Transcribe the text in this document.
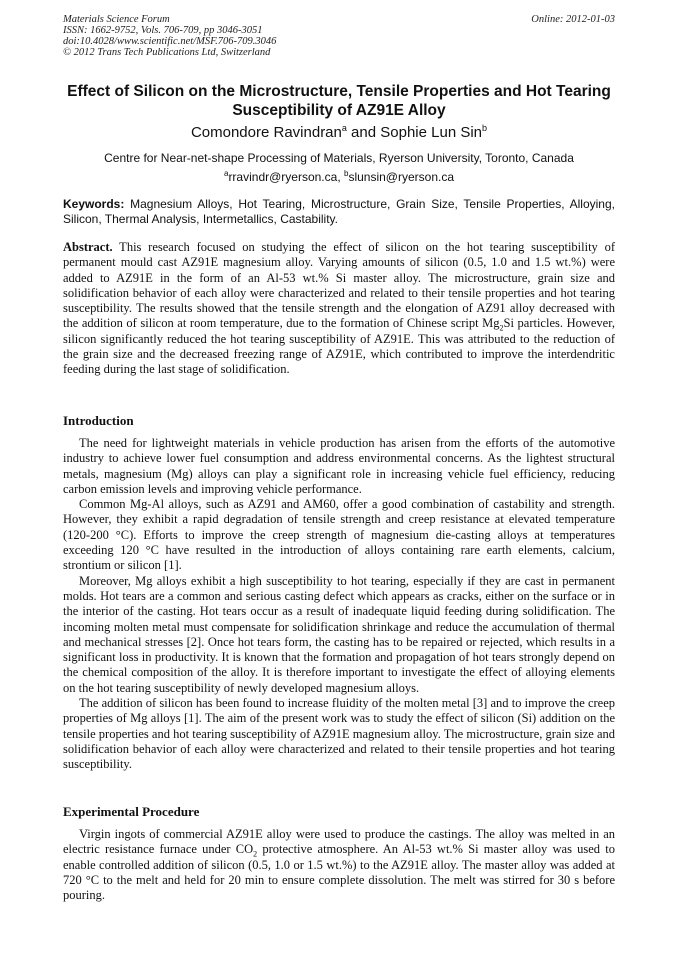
Materials Science Forum
ISSN: 1662-9752, Vols. 706-709, pp 3046-3051
doi:10.4028/www.scientific.net/MSF.706-709.3046
© 2012 Trans Tech Publications Ltd, Switzerland
Online: 2012-01-03
Effect of Silicon on the Microstructure, Tensile Properties and Hot Tearing Susceptibility of AZ91E Alloy
Comondore Ravindran$^a$ and Sophie Lun Sin$^b$
Centre for Near-net-shape Processing of Materials, Ryerson University, Toronto, Canada
$^a$rravindr@ryerson.ca, $^b$slunsin@ryerson.ca
Keywords: Magnesium Alloys, Hot Tearing, Microstructure, Grain Size, Tensile Properties, Alloying, Silicon, Thermal Analysis, Intermetallics, Castability.

Abstract. This research focused on studying the effect of silicon on the hot tearing susceptibility of permanent mould cast AZ91E magnesium alloy. Varying amounts of silicon (0.5, 1.0 and 1.5 wt.%) were added to AZ91E in the form of an Al-53 wt.% Si master alloy. The microstructure, grain size and solidification behavior of each alloy were characterized and related to their tensile properties and hot tearing susceptibility. The results showed that the tensile strength and the elongation of AZ91 alloy decreased with the addition of silicon at room temperature, due to the formation of Chinese script $Mg_2Si$ particles. However, silicon significantly reduced the hot tearing susceptibility of AZ91E. This was attributed to the reduction of the grain size and the decreased freezing range of AZ91E, which contributed to improve the interdendritic feeding during the last stage of solidification.

Introduction

The need for lightweight materials in vehicle production has arisen from the efforts of the automotive industry to achieve lower fuel consumption and address environmental concerns. As the lightest structural metals, magnesium (Mg) alloys can play a significant role in increasing vehicle fuel efficiency, reducing carbon emission levels and improving vehicle performance.

Common Mg-Al alloys, such as AZ91 and AM60, offer a good combination of castability and strength. However, they exhibit a rapid degradation of tensile strength and creep resistance at elevated temperature (120-200 °C). Efforts to improve the creep strength of magnesium die-casting alloys at temperatures exceeding 120 °C have resulted in the introduction of alloys containing rare earth elements, calcium, strontium or silicon [1].

Moreover, Mg alloys exhibit a high susceptibility to hot tearing, especially if they are cast in permanent molds. Hot tears are a common and serious casting defect which appears as cracks, either on the surface or in the interior of the casting. Hot tears occur as a result of inadequate liquid feeding during solidification. The incoming molten metal must compensate for solidification shrinkage and reduce the accumulation of thermal and mechanical stresses [2]. Once hot tears form, the casting has to be repaired or rejected, which results in a significant loss in productivity. It is known that the formation and propagation of hot tears strongly depend on the chemical composition of the alloy. It is therefore important to investigate the effect of alloying elements on the hot tearing susceptibility of newly developed magnesium alloys.

The addition of silicon has been found to increase fluidity of the molten metal [3] and to improve the creep properties of Mg alloys [1]. The aim of the present work was to study the effect of silicon (Si) addition on the tensile properties and hot tearing susceptibility of AZ91E magnesium alloy. The microstructure, grain size and solidification behavior of each alloy were characterized and related to their tensile properties and hot tearing susceptibility.

Experimental Procedure

Virgin ingots of commercial AZ91E alloy were used to produce the castings. The alloy was melted in an electric resistance furnace under $CO_2$ protective atmosphere. An Al-53 wt.% Si master alloy was used to enable controlled addition of silicon (0.5, 1.0 or 1.5 wt.%) to the AZ91E alloy. The master alloy was added at 720 °C to the melt and held for 20 min to ensure complete dissolution. The melt was stirred for 30 s before pouring.
